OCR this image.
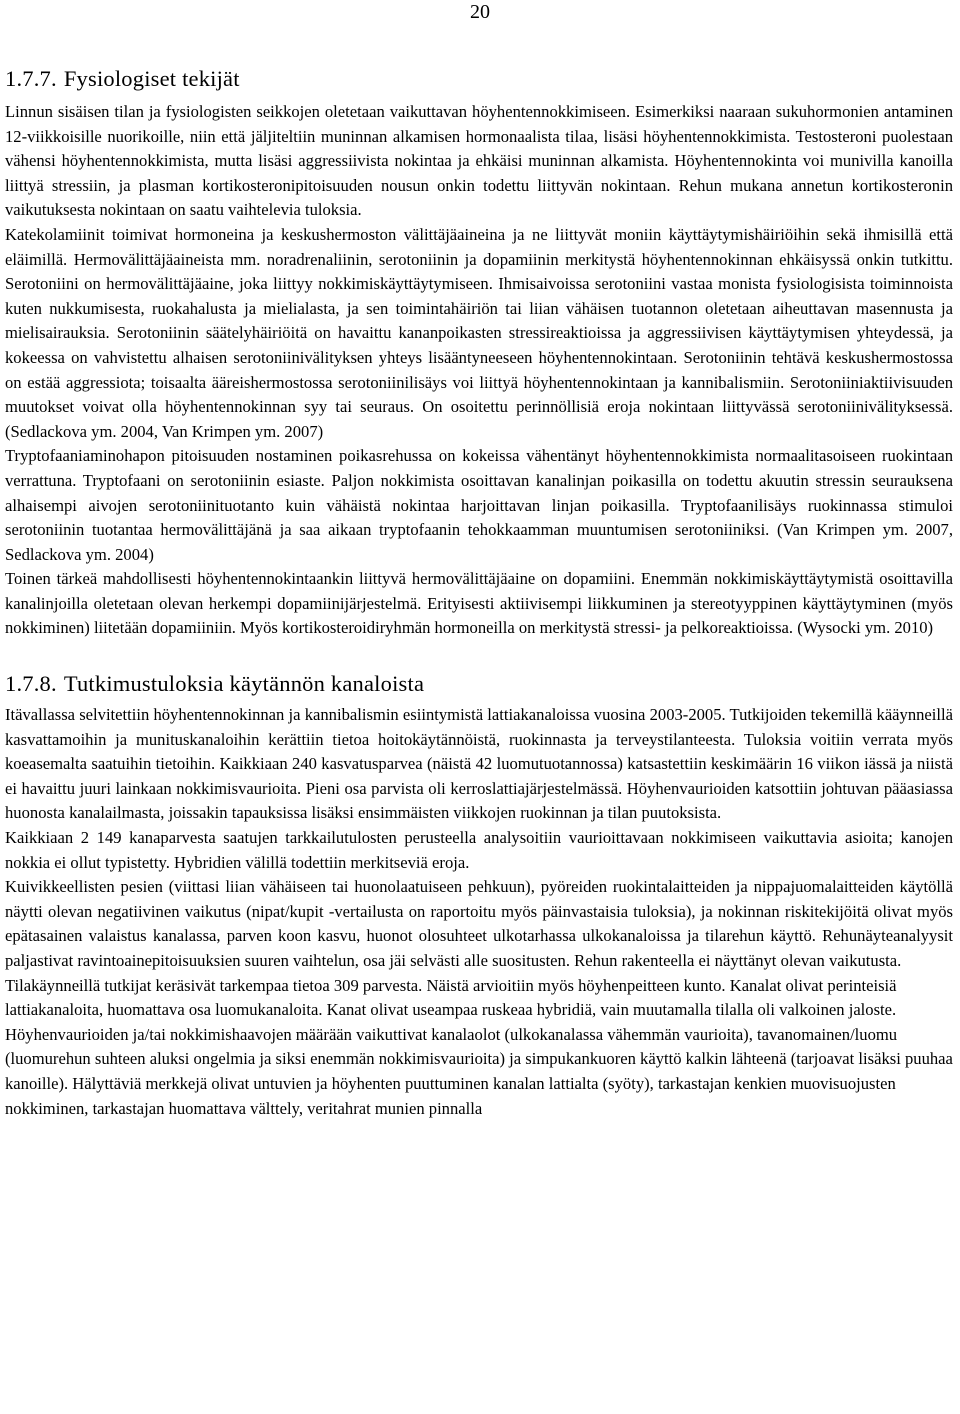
20
1.7.7. Fysiologiset tekijät

Linnun sisäisen tilan ja fysiologisten seikkojen oletetaan vaikuttavan höyhentennokkimiseen. Esimerkiksi naaraan sukuhormonien antaminen 12-viikkoisille nuorikoille, niin että jäljiteltiin muninnan alkamisen hormonaalista tilaa, lisäsi höyhentennokkimista. Testosteroni puolestaan vähensi höyhentennokkimista, mutta lisäsi aggressiivista nokintaa ja ehkäisi muninnan alkamista. Höyhentennokinta voi munivilla kanoilla liittyä stressiin, ja plasman kortikosteronipitoisuuden nousun onkin todettu liittyvän nokintaan. Rehun mukana annetun kortikosteronin vaikutuksesta nokintaan on saatu vaihtelevia tuloksia.

Katekolamiinit toimivat hormoneina ja keskushermoston välittäjäaineina ja ne liittyvät moniin käyttäytymishäiriöihin sekä ihmisillä että eläimillä. Hermovälittäjäaineista mm. noradrenaliinin, serotoniinin ja dopamiinin merkitystä höyhentennokinnan ehkäisyssä onkin tutkittu. Serotoniini on hermovälittäjäaine, joka liittyy nokkimiskäyttäytymiseen. Ihmisaivoissa serotoniini vastaa monista fysiologisista toiminnoista kuten nukkumisesta, ruokahalusta ja mielialasta, ja sen toimintahäiriön tai liian vähäisen tuotannon oletetaan aiheuttavan masennusta ja mielisairauksia. Serotoniinin säätelyhäiriöitä on havaittu kananpoikasten stressireaktioissa ja aggressiivisen käyttäytymisen yhteydessä, ja kokeessa on vahvistettu alhaisen serotoniinivälityksen yhteys lisääntyneeseen höyhentennokintaan. Serotoniinin tehtävä keskushermostossa on estää aggressiota; toisaalta ääreishermostossa serotoniinilisäys voi liittyä höyhentennokintaan ja kannibalismiin. Serotoniiniaktiivisuuden muutokset voivat olla höyhentennokinnan syy tai seuraus. On osoitettu perinnöllisiä eroja nokintaan liittyvässä serotoniinivälityksessä. (Sedlackova ym. 2004, Van Krimpen ym. 2007)

Tryptofaaniaminohapon pitoisuuden nostaminen poikasrehussa on kokeissa vähentänyt höyhentennokkimista normaalitasoiseen ruokintaan verrattuna. Tryptofaani on serotoniinin esiaste. Paljon nokkimista osoittavan kanalinjan poikasilla on todettu akuutin stressin seurauksena alhaisempi aivojen serotoniinituotanto kuin vähäistä nokintaa harjoittavan linjan poikasilla. Tryptofaanilisäys ruokinnassa stimuloi serotoniinin tuotantaa hermovälittäjänä ja saa aikaan tryptofaanin tehokkaamman muuntumisen serotoniiniksi. (Van Krimpen ym. 2007, Sedlackova ym. 2004)

Toinen tärkeä mahdollisesti höyhentennokintaankin liittyvä hermovälittäjäaine on dopamiini. Enemmän nokkimiskäyttäytymistä osoittavilla kanalinjoilla oletetaan olevan herkempi dopamiinijärjestelmä. Erityisesti aktiivisempi liikkuminen ja stereotyyppinen käyttäytyminen (myös nokkiminen) liitetään dopamiiniin. Myös kortikosteroidiryhmän hormoneilla on merkitystä stressi- ja pelkoreaktioissa. (Wysocki ym. 2010)

1.7.8. Tutkimustuloksia käytännön kanaloista

Itävallassa selvitettiin höyhentennokinnan ja kannibalismin esiintymistä lattiakanaloissa vuosina 2003-2005. Tutkijoiden tekemillä kääynneillä kasvattamoihin ja munituskanaloihin kerättiin tietoa hoitokäytännöistä, ruokinnasta ja terveystilanteesta. Tuloksia voitiin verrata myös koeasemalta saatuihin tietoihin. Kaikkiaan 240 kasvatusparvea (näistä 42 luomutuotannossa) katsastettiin keskimäärin 16 viikon iässä ja niistä ei havaittu juuri lainkaan nokkimisvaurioita. Pieni osa parvista oli kerroslattiajärjestelmässä. Höyhenvaurioiden katsottiin johtuvan pääasiassa huonosta kanalailmasta, joissakin tapauksissa lisäksi ensimmäisten viikkojen ruokinnan ja tilan puutoksista.

Kaikkiaan 2 149 kanaparvesta saatujen tarkkailutulosten perusteella analysoitiin vaurioittavaan nokkimiseen vaikuttavia asioita; kanojen nokkia ei ollut typistetty. Hybridien välillä todettiin merkitseviä eroja.

Kuivikkeellisten pesien (viittasi liian vähäiseen tai huonolaatuiseen pehkuun), pyöreiden ruokintalaitteiden ja nippajuomalaitteiden käytöllä näytti olevan negatiivinen vaikutus (nipat/kupit -vertailusta on raportoitu myös päinvastaisia tuloksia), ja nokinnan riskitekijöitä olivat myös epätasainen valaistus kanalassa, parven koon kasvu, huonot olosuhteet ulkotarhassa ulkokanaloissa ja tilarehun käyttö. Rehunäyteanalyysit paljastivat ravintoainepitoisuuksien suuren vaihtelun, osa jäi selvästi alle suositusten. Rehun rakenteella ei näyttänyt olevan vaikutusta.

Tilakäynneillä tutkijat keräsivät tarkempaa tietoa 309 parvesta. Näistä arvioitiin myös höyhenpeitteen kunto. Kanalat olivat perinteisiä lattiakanaloita, huomattava osa luomukanaloita. Kanat olivat useampaa ruskeaa hybridiä, vain muutamalla tilalla oli valkoinen jaloste. Höyhenvaurioiden ja/tai nokkimishaavojen määrään vaikuttivat kanalaolot (ulkokanalassa vähemmän vaurioita), tavanomainen/luomu (luomurehun suhteen aluksi ongelmia ja siksi enemmän nokkimisvaurioita) ja simpukankuoren käyttö kalkin lähteenä (tarjoavat lisäksi puuhaa kanoille). Hälyttäviä merkkejä olivat untuvien ja höyhenten puuttuminen kanalan lattialta (syöty), tarkastajan kenkien muovisuojusten nokkiminen, tarkastajan huomattava välttely, veritahrat munien pinnalla
